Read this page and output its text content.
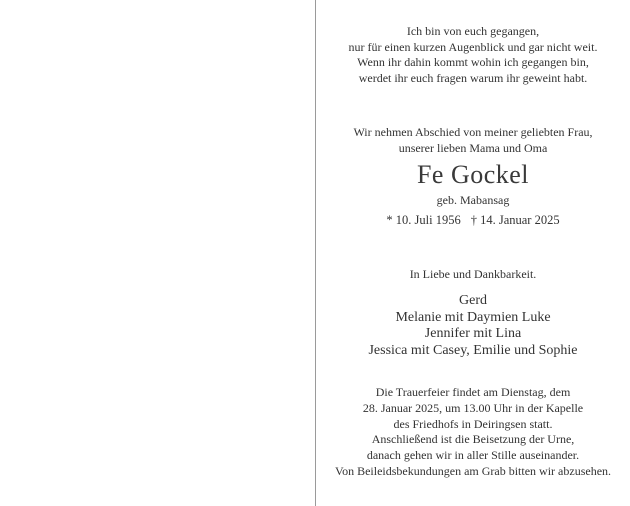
Ich bin von euch gegangen,
nur für einen kurzen Augenblick und gar nicht weit.
Wenn ihr dahin kommt wohin ich gegangen bin,
werdet ihr euch fragen warum ihr geweint habt.
Wir nehmen Abschied von meiner geliebten Frau,
unserer lieben Mama und Oma
Fe Gockel
geb. Mabansag
* 10. Juli 1956 † 14. Januar 2025
In Liebe und Dankbarkeit.
Gerd
Melanie mit Daymien Luke
Jennifer mit Lina
Jessica mit Casey, Emilie und Sophie
Die Trauerfeier findet am Dienstag, dem
28. Januar 2025, um 13.00 Uhr in der Kapelle
des Friedhofs in Deiringsen statt.
Anschließend ist die Beisetzung der Urne,
danach gehen wir in aller Stille auseinander.
Von Beileidsbekundungen am Grab bitten wir abzusehen.
